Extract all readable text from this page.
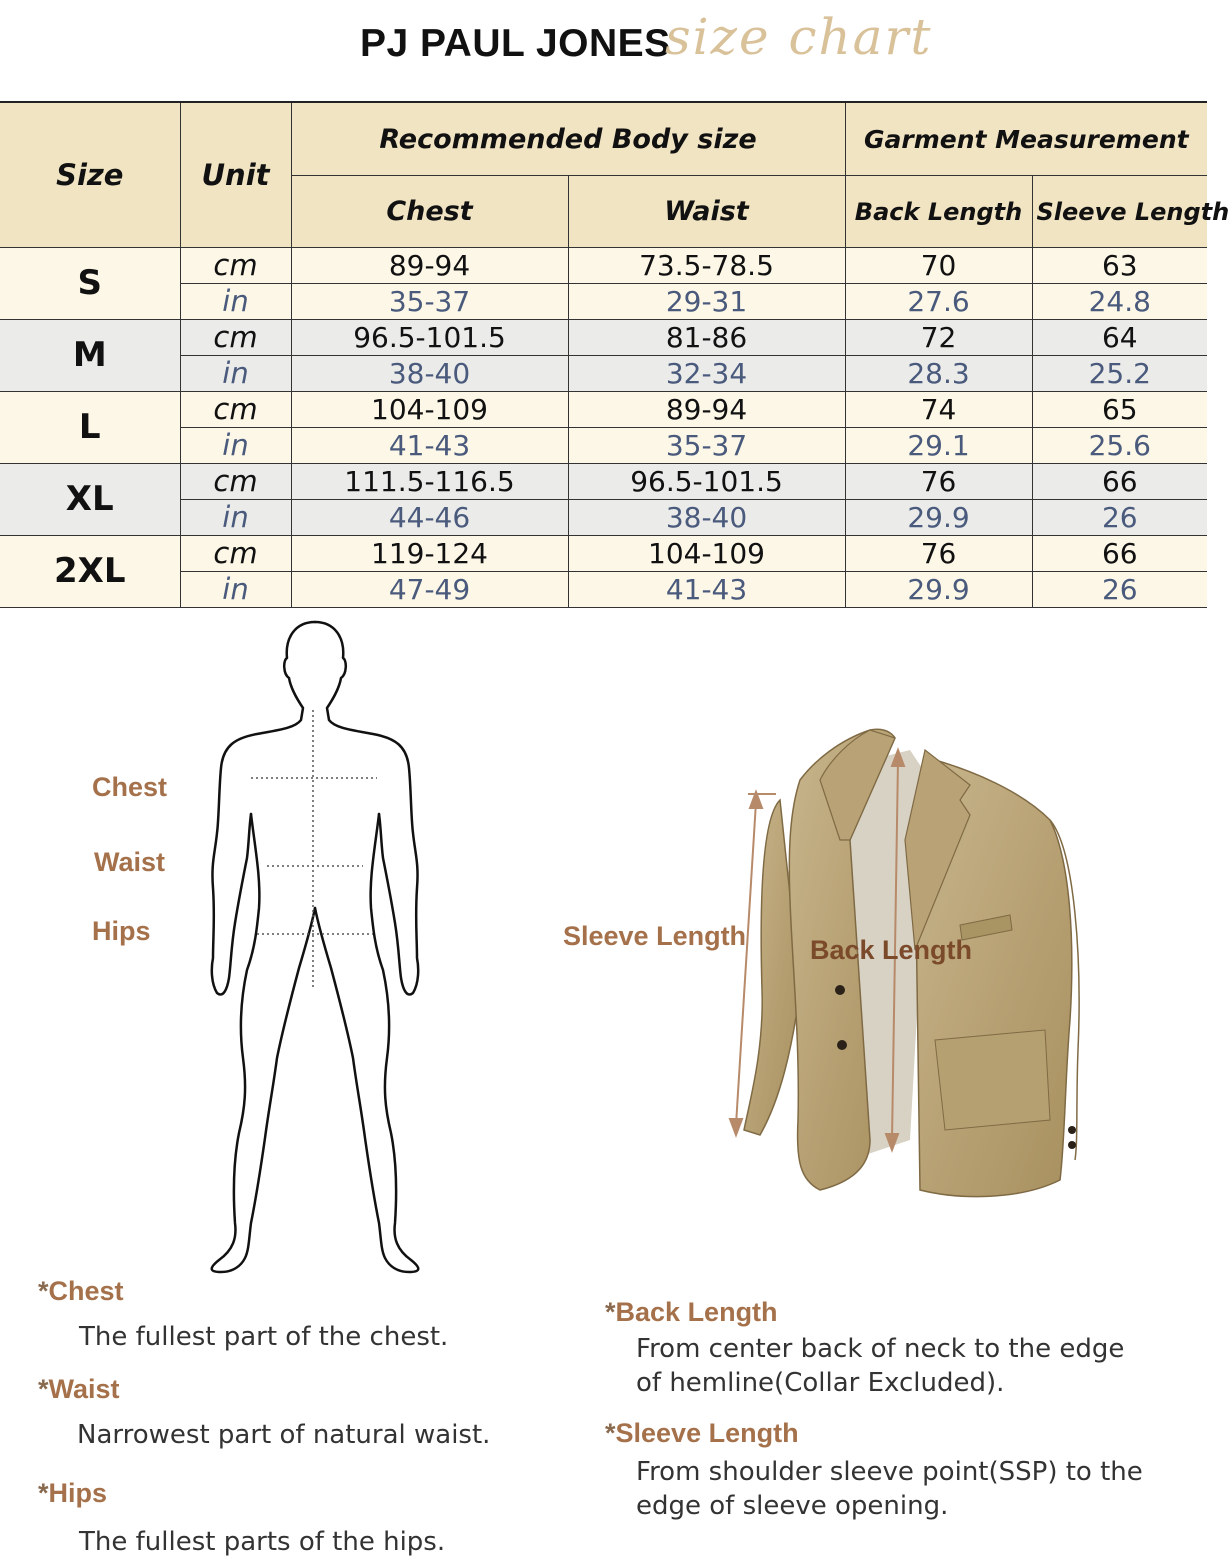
PJ PAUL JONES
size chart
Size	Unit	Recommended Body size		Garment Measurement	
		Chest	Waist	Back Length	Sleeve Length
S	cm	89-94	73.5-78.5	70	63
	in	35-37	29-31	27.6	24.8
M	cm	96.5-101.5	81-86	72	64
	in	38-40	32-34	28.3	25.2
L	cm	104-109	89-94	74	65
	in	41-43	35-37	29.1	25.6
XL	cm	111.5-116.5	96.5-101.5	76	66
	in	44-46	38-40	29.9	26
2XL	cm	119-124	104-109	76	66
	in	47-49	41-43	29.9	26
Chest
Waist
Hips	Sleeve Length Back Length
*Chest
The fullest part of the chest.
*Waist
Narrowest part of natural waist.
*Hips
The fullest parts of the hips.
*Back Length
From center back of neck to the edge
of hemline(Collar Excluded).
*Sleeve Length
From shoulder sleeve point(SSP) to the
edge of sleeve opening.
